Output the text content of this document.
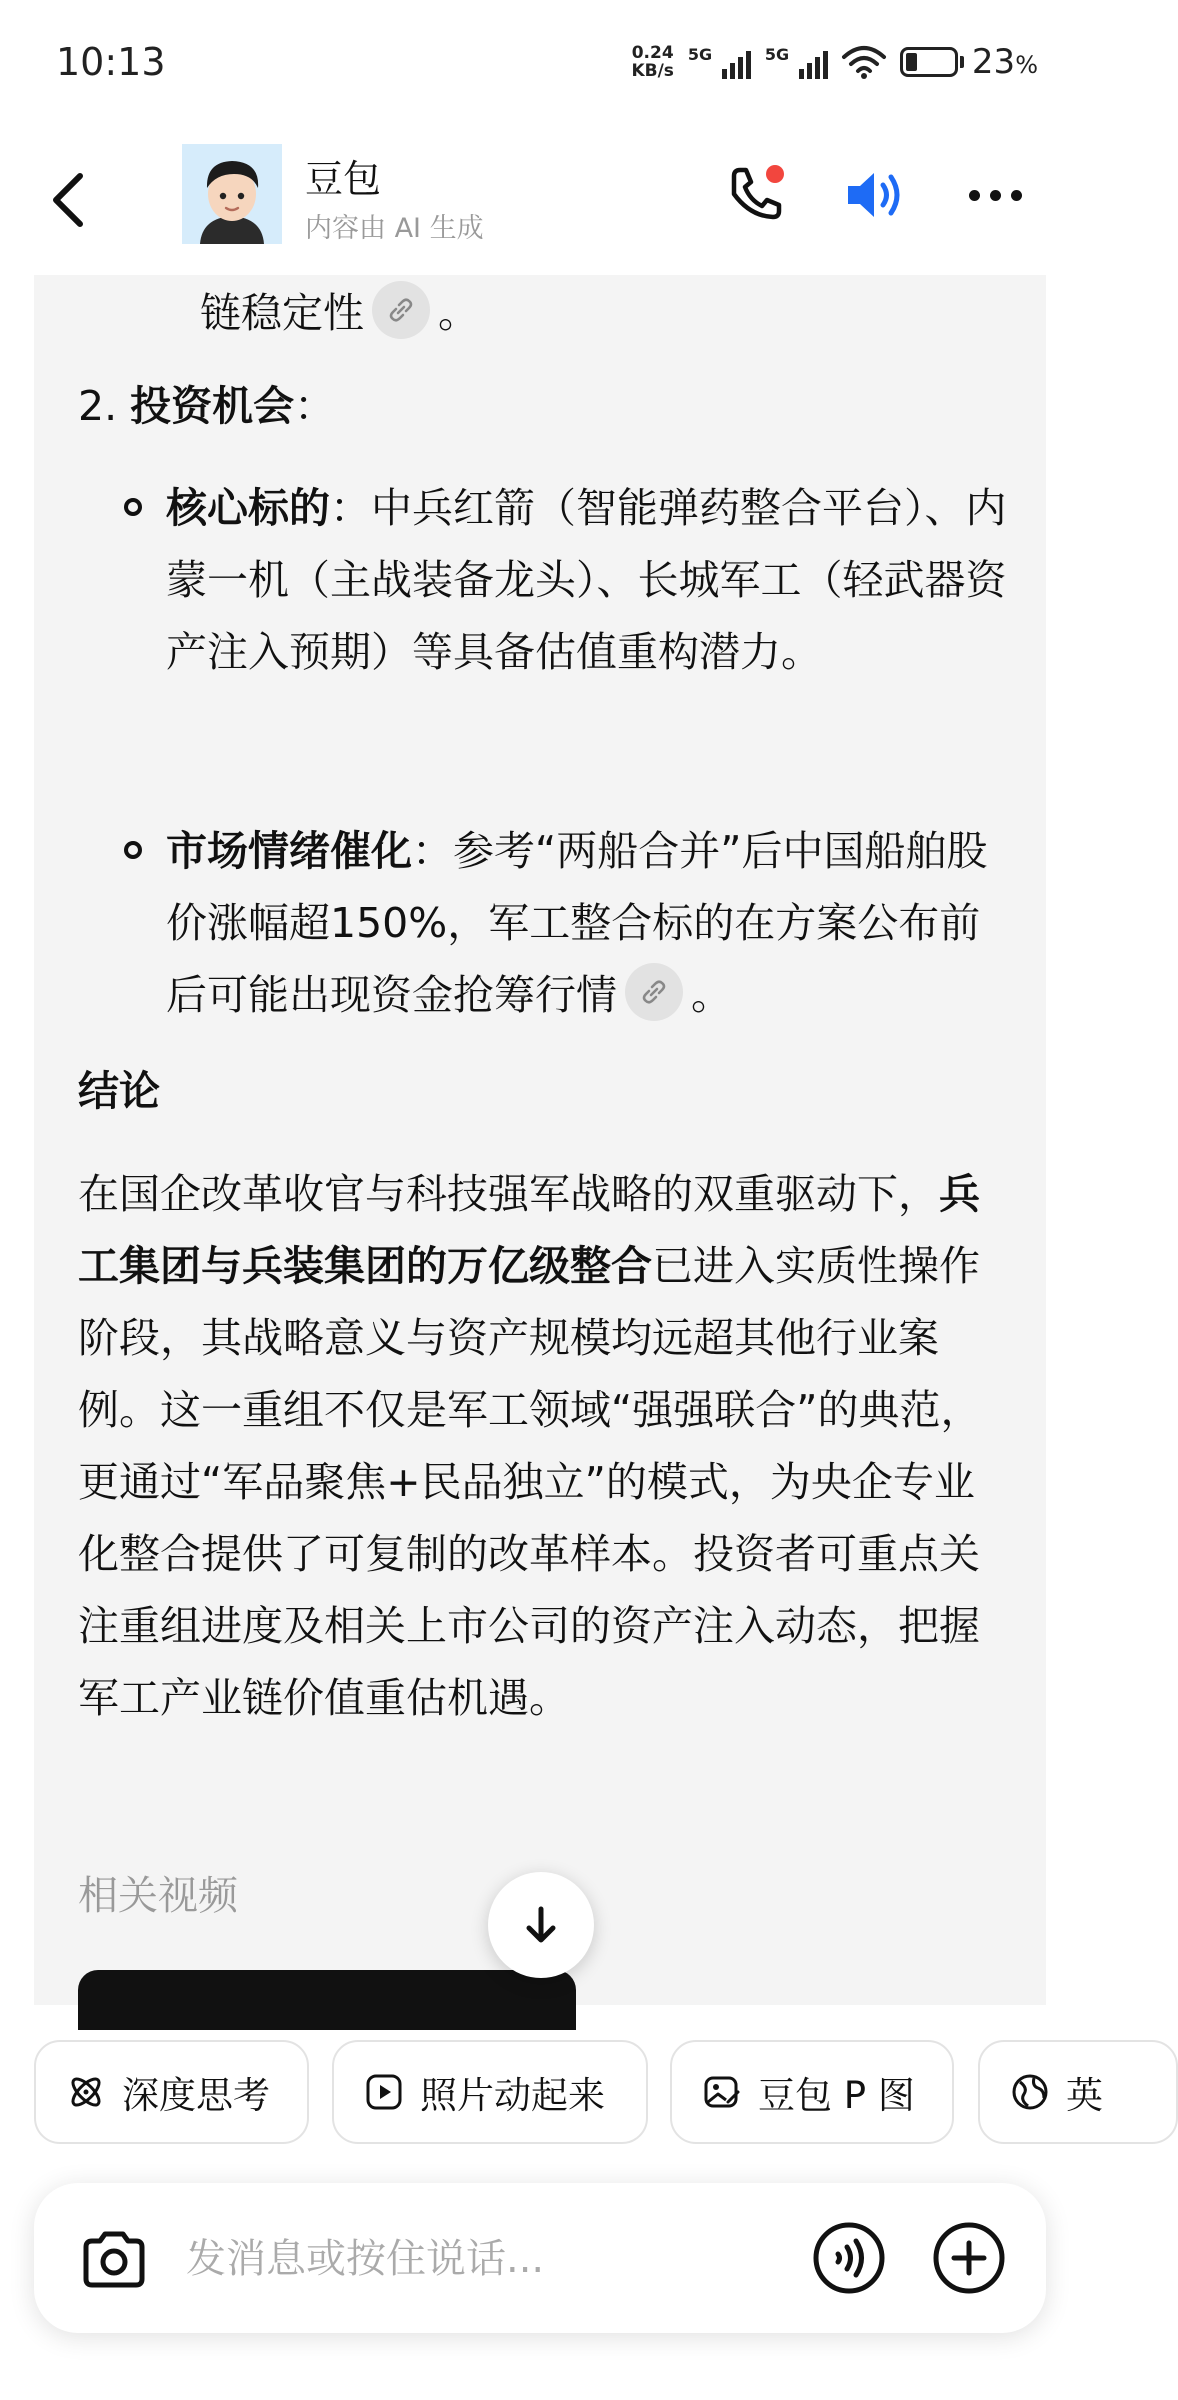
10:13	0.24
KB/s
5G	5G	23%
豆包
内容由 AI 生成
链稳定性 。
2. 投资机会：
核心标的：中兵红箭（智能弹药整合平台）、内蒙一机（主战装备龙头）、长城军工（轻武器资产注入预期）等具备估值重构潜力。
市场情绪催化：参考“两船合并”后中国船舶股价涨幅超150%，军工整合标的在方案公布前后可能出现资金抢筹行情 。
结论
在国企改革收官与科技强军战略的双重驱动下，兵工集团与兵装集团的万亿级整合已进入实质性操作阶段，其战略意义与资产规模均远超其他行业案例。这一重组不仅是军工领域“强强联合”的典范，更通过“军品聚焦+民品独立”的模式，为央企专业化整合提供了可复制的改革样本。投资者可重点关注重组进度及相关上市公司的资产注入动态，把握军工产业链价值重估机遇。
相关视频
深度思考	照片动起来	豆包 P 图	英
发消息或按住说话...
